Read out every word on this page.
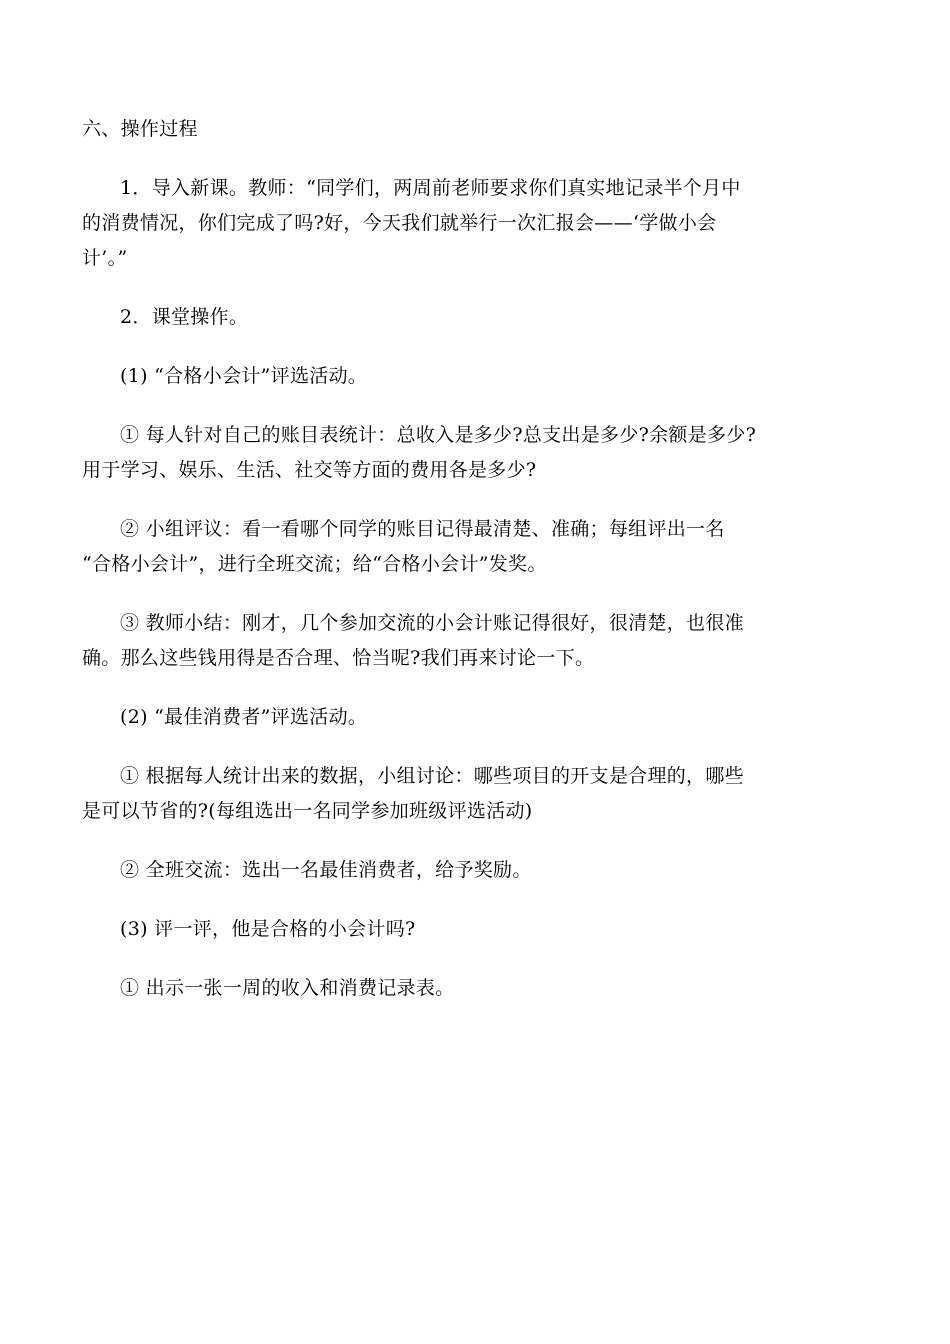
六、操作过程

1．导入新课。教师：“同学们，两周前老师要求你们真实地记录半个月中
的消费情况，你们完成了吗?好，今天我们就举行一次汇报会——‘学做小会
计’。”

2．课堂操作。

(1) “合格小会计”评选活动。

① 每人针对自己的账目表统计：总收入是多少?总支出是多少?余额是多少?
用于学习、娱乐、生活、社交等方面的费用各是多少?

② 小组评议：看一看哪个同学的账目记得最清楚、准确；每组评出一名
“合格小会计”，进行全班交流；给“合格小会计”发奖。

③ 教师小结：刚才，几个参加交流的小会计账记得很好，很清楚，也很准
确。那么这些钱用得是否合理、恰当呢?我们再来讨论一下。

(2) “最佳消费者”评选活动。

① 根据每人统计出来的数据，小组讨论：哪些项目的开支是合理的，哪些
是可以节省的?(每组选出一名同学参加班级评选活动)

② 全班交流：选出一名最佳消费者，给予奖励。

(3) 评一评，他是合格的小会计吗?

① 出示一张一周的收入和消费记录表。
